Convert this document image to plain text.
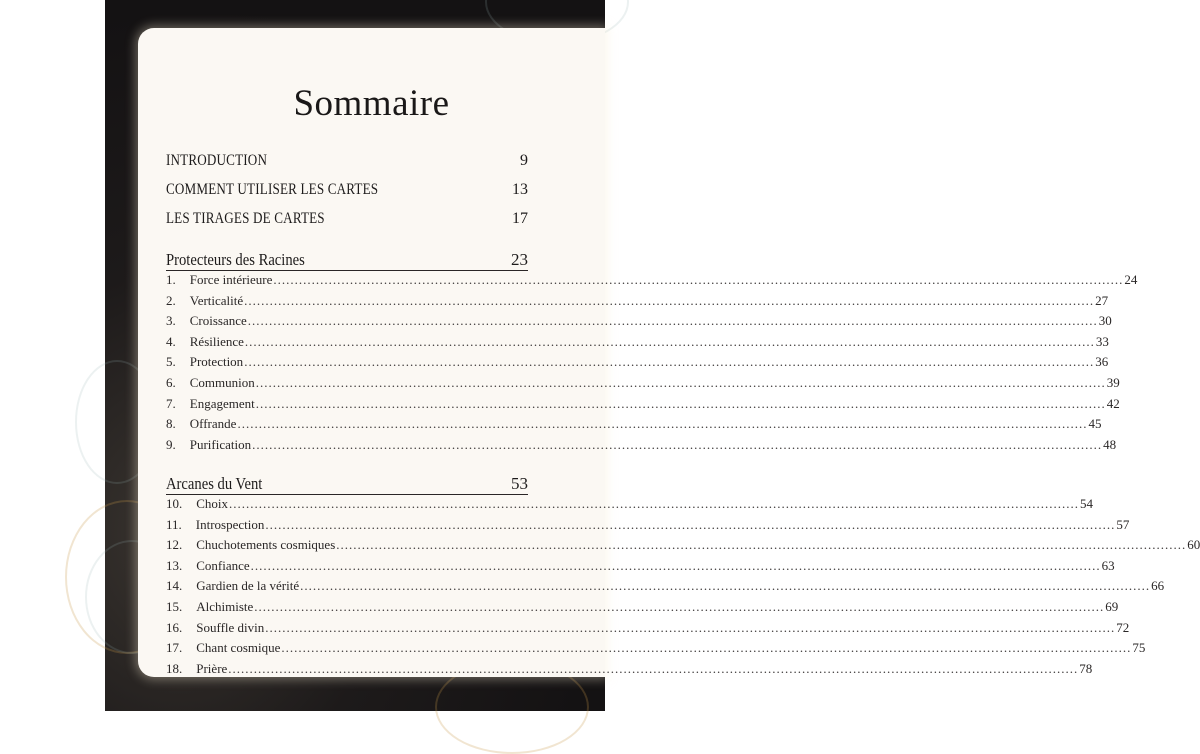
Sommaire
INTRODUCTION	9
COMMENT UTILISER LES CARTES	13
LES TIRAGES DE CARTES	17
Protecteurs des Racines	23
1. Force intérieure ........................................................................................................................................................................................................ 24
2. Verticalité ........................................................................................................................................................................................................ 27
3. Croissance ........................................................................................................................................................................................................ 30
4. Résilience ........................................................................................................................................................................................................ 33
5. Protection ........................................................................................................................................................................................................ 36
6. Communion ........................................................................................................................................................................................................ 39
7. Engagement ........................................................................................................................................................................................................ 42
8. Offrande ........................................................................................................................................................................................................ 45
9. Purification ........................................................................................................................................................................................................ 48
Arcanes du Vent	53
10. Choix ........................................................................................................................................................................................................ 54
11. Introspection ........................................................................................................................................................................................................ 57
12. Chuchotements cosmiques ........................................................................................................................................................................................................ 60
13. Confiance ........................................................................................................................................................................................................ 63
14. Gardien de la vérité ........................................................................................................................................................................................................ 66
15. Alchimiste ........................................................................................................................................................................................................ 69
16. Souffle divin ........................................................................................................................................................................................................ 72
17. Chant cosmique ........................................................................................................................................................................................................ 75
18. Prière ........................................................................................................................................................................................................ 78
